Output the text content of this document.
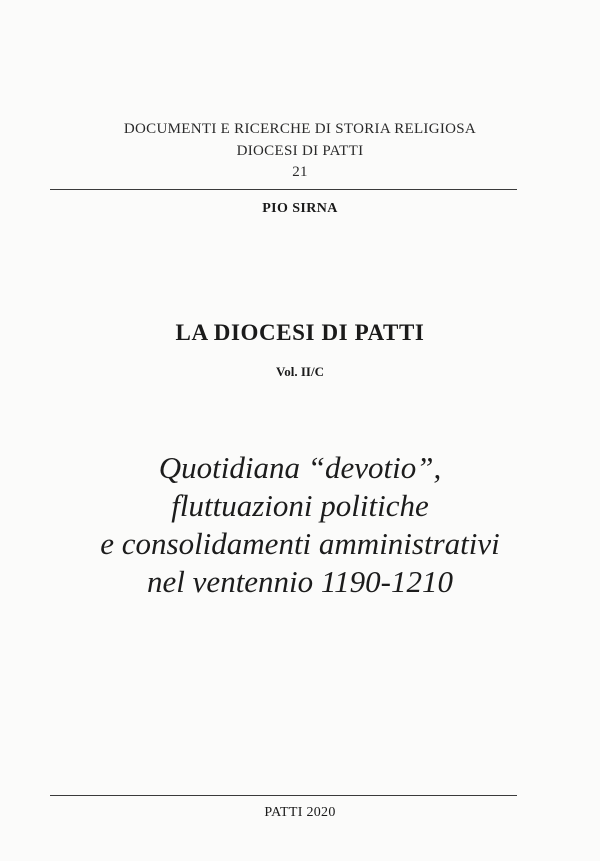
DOCUMENTI E RICERCHE DI STORIA RELIGIOSA
DIOCESI DI PATTI
21
PIO SIRNA
LA DIOCESI DI PATTI
Vol. II/C
Quotidiana “devotio”,
fluttuazioni politiche
e consolidamenti amministrativi
nel ventennio 1190-1210
PATTI 2020
